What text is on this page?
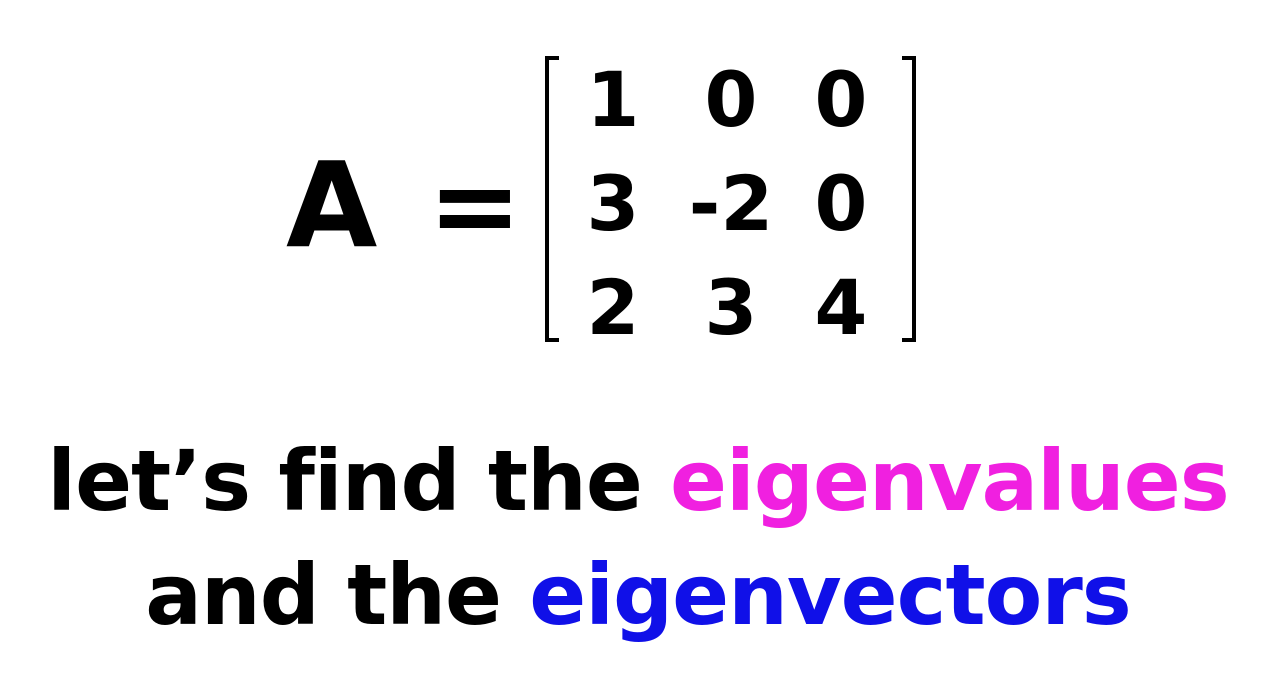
A =
1 0 0
3 -2 0
2 3 4
let’s find the eigenvalues
and the eigenvectors
